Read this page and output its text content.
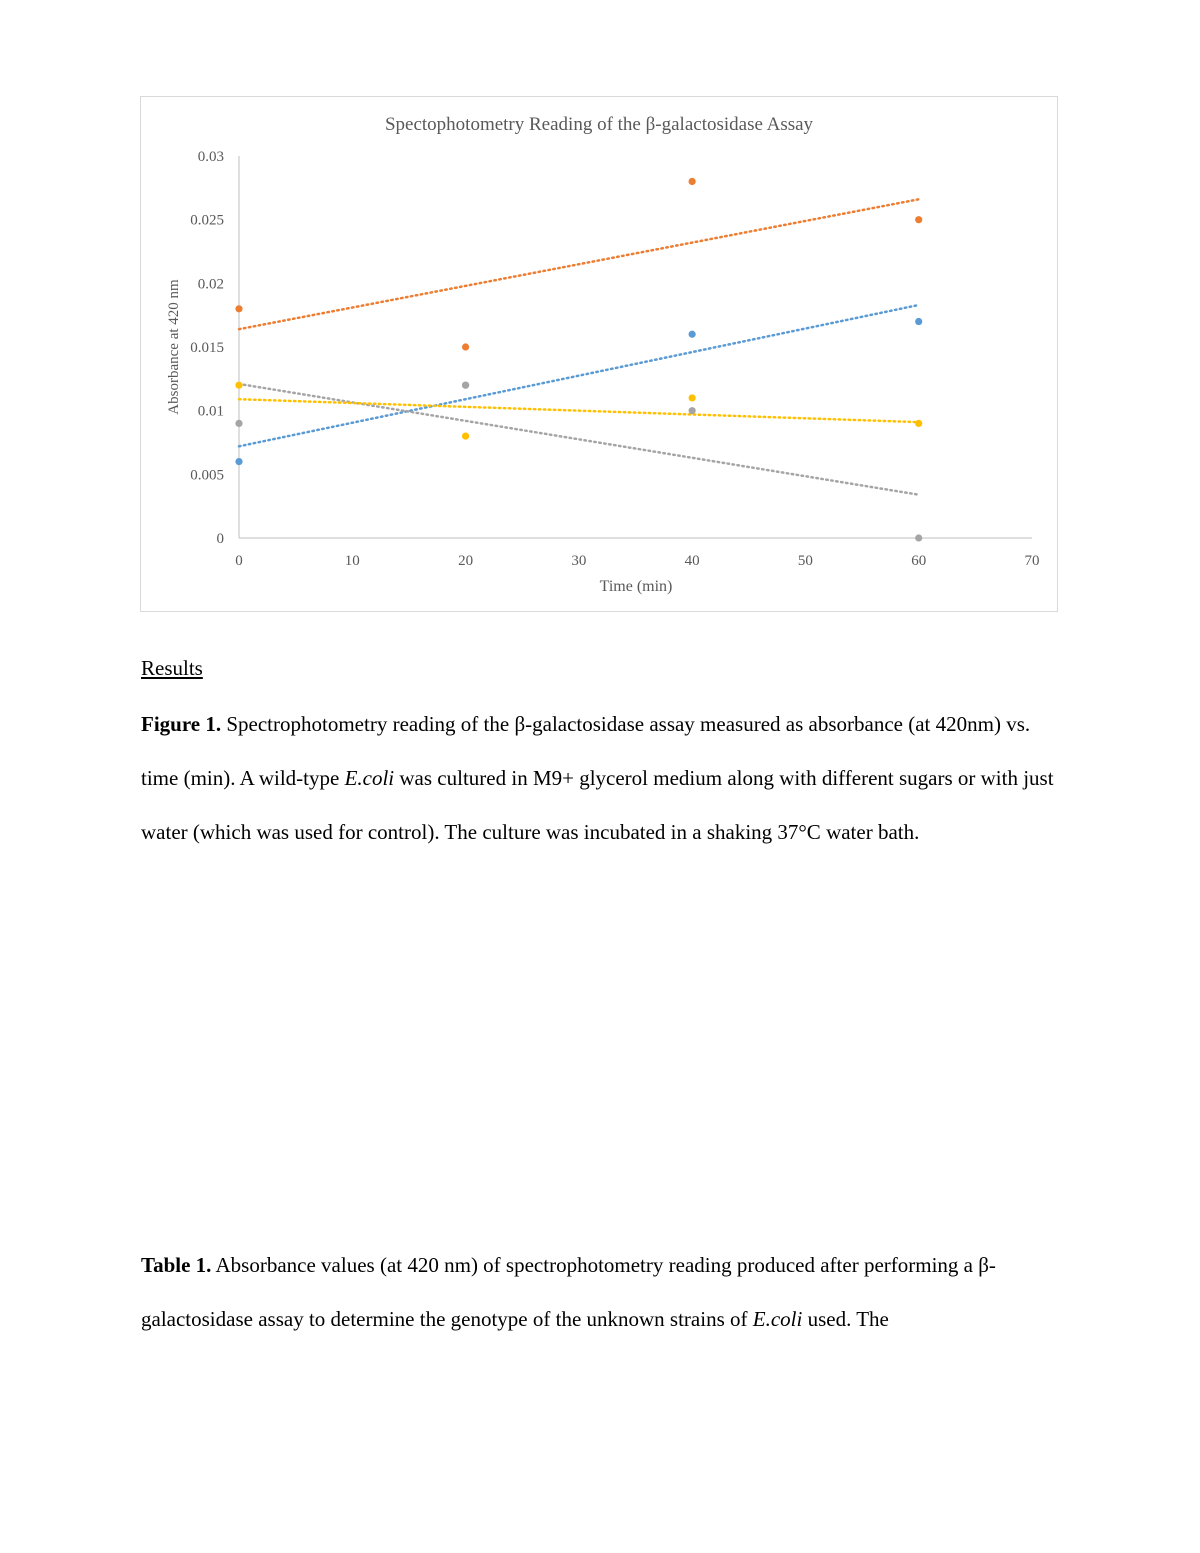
Spectophotometry Reading of the β-galactosidase Assay
Absorbance at 420 nm
Time (min)
0	10	20	30	40	50	60	70
0
0.005
0.01
0.015
0.02
0.025
0.03
Results

Figure 1. Spectrophotometry reading of the β-galactosidase assay measured as absorbance (at 420nm) vs. time (min). A wild-type E.coli was cultured in M9+ glycerol medium along with different sugars or with just water (which was used for control). The culture was incubated in a shaking 37°C water bath.

Table 1. Absorbance values (at 420 nm) of spectrophotometry reading produced after performing a β-galactosidase assay to determine the genotype of the unknown strains of E.coli used. The
